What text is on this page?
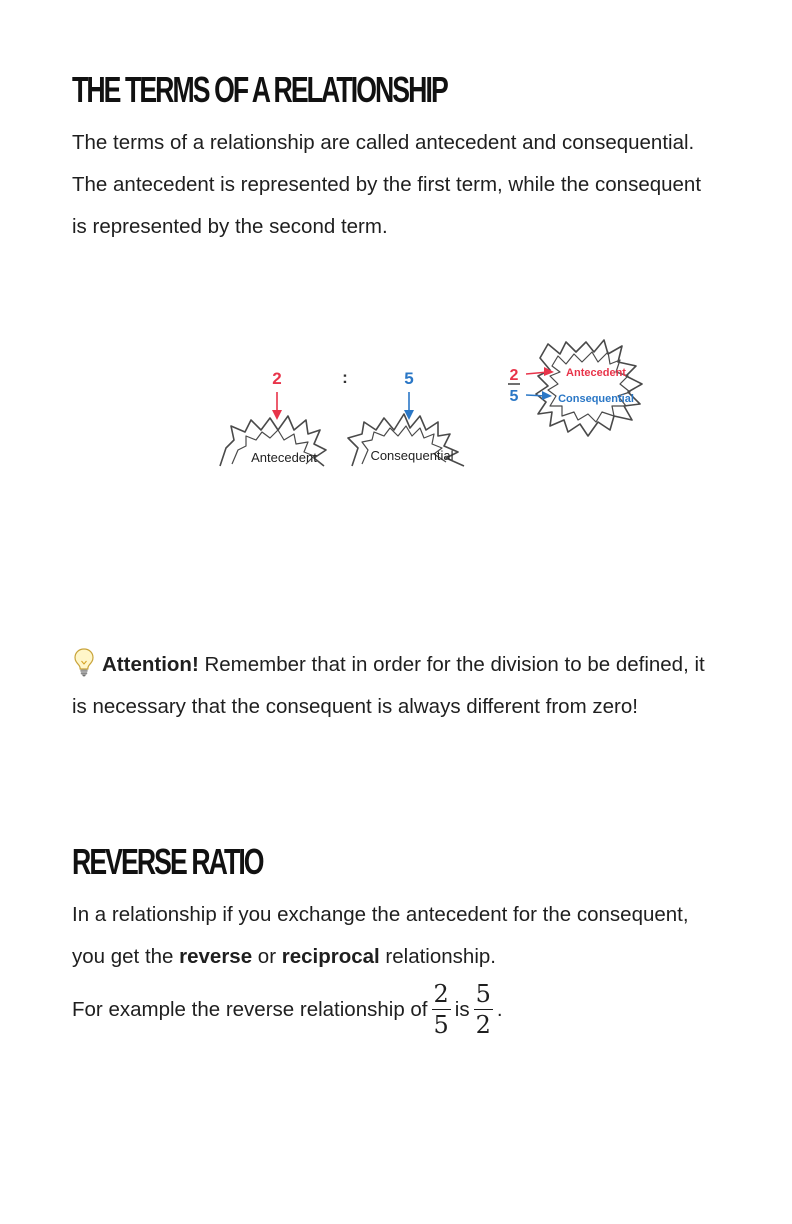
THE TERMS OF A RELATIONSHIP

The terms of a relationship are called antecedent and consequential. The antecedent is represented by the first term, while the consequent is represented by the second term.

2	:	5
Antecedent	Consequential
2
5
Antecedent
Consequential

Attention! Remember that in order for the division to be defined, it is necessary that the consequent is always different from zero!

REVERSE RATIO

In a relationship if you exchange the antecedent for the consequent, you get the reverse or reciprocal relationship.

For example the reverse relationship of $\frac{2}{5}$ is $\frac{5}{2}$ .
